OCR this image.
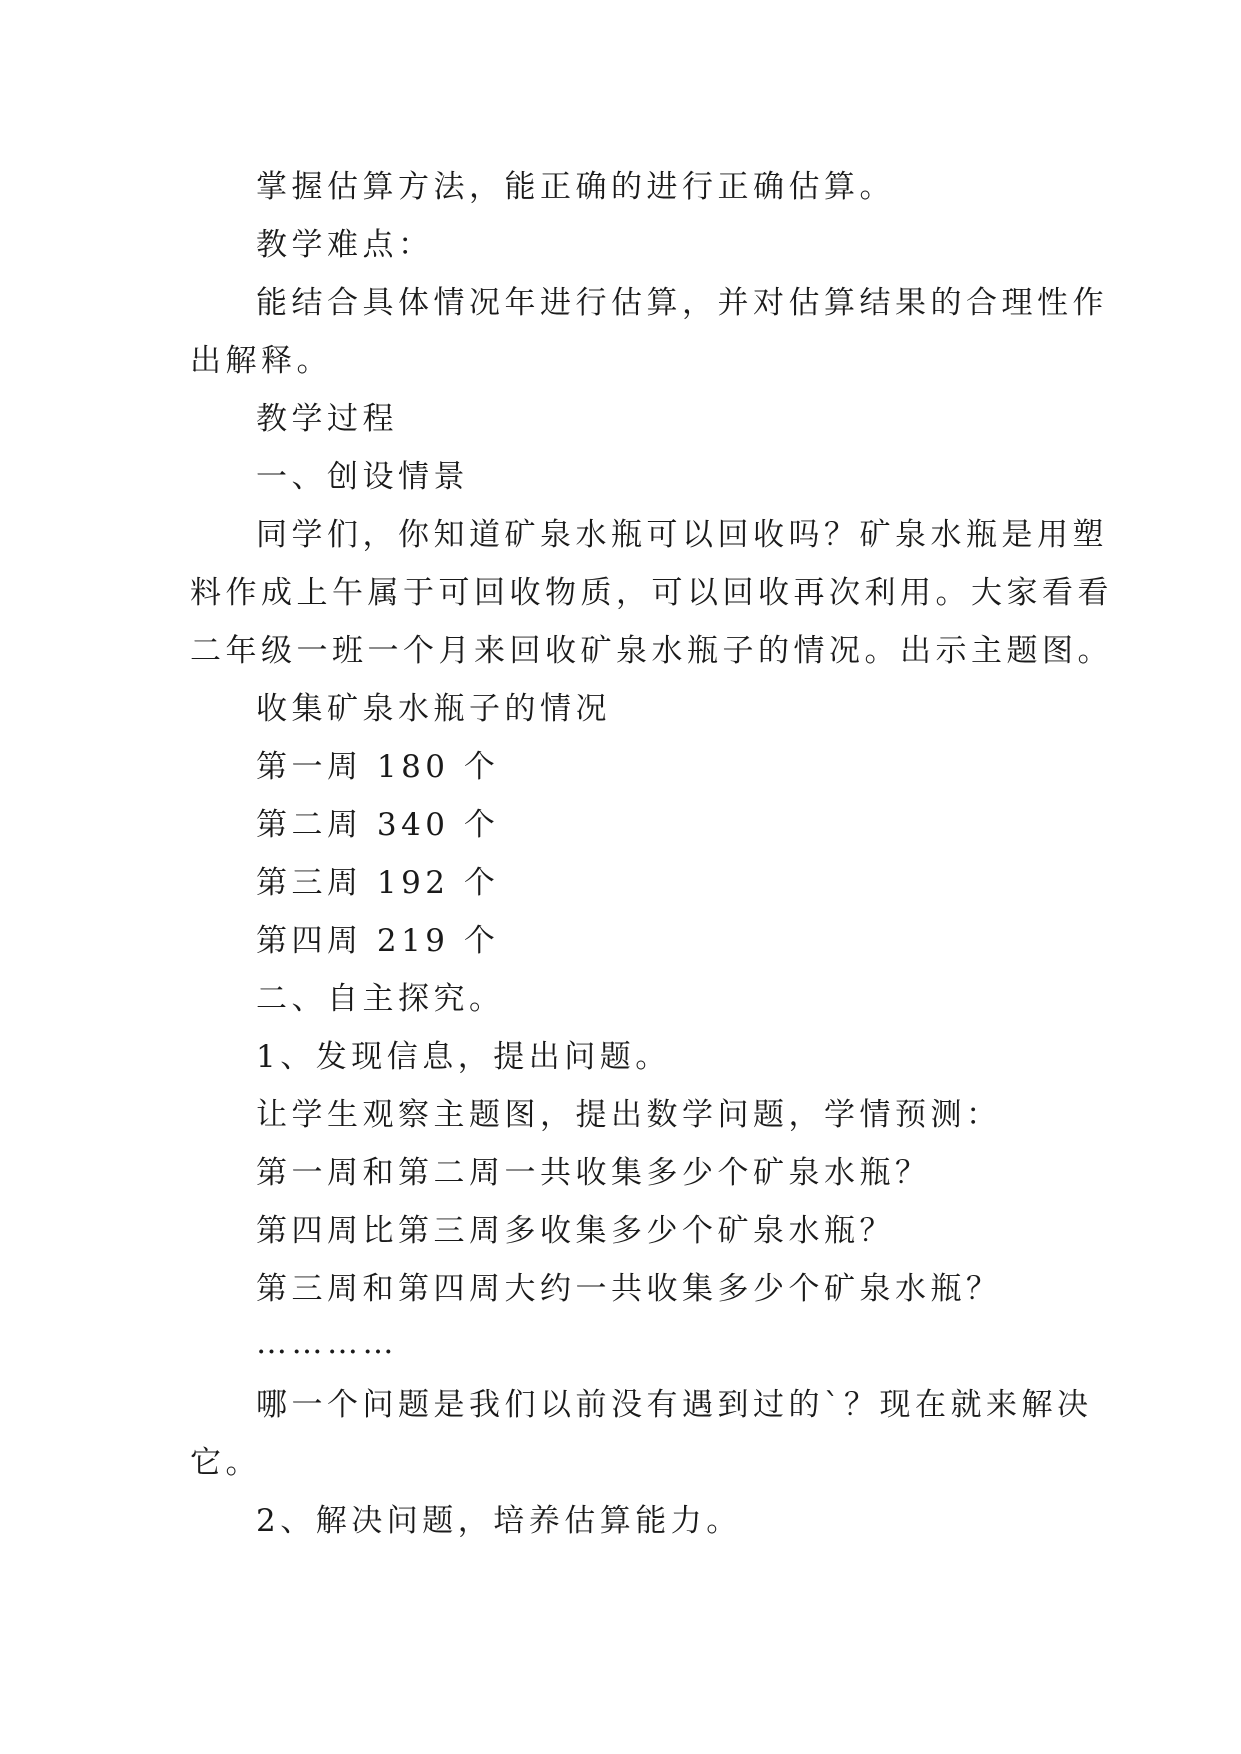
掌握估算方法，能正确的进行正确估算。
教学难点：
能结合具体情况年进行估算，并对估算结果的合理性作
出解释。
教学过程
一、创设情景
同学们，你知道矿泉水瓶可以回收吗？矿泉水瓶是用塑
料作成上午属于可回收物质，可以回收再次利用。大家看看
二年级一班一个月来回收矿泉水瓶子的情况。出示主题图。
收集矿泉水瓶子的情况
第一周 180 个
第二周 340 个
第三周 192 个
第四周 219 个
二、自主探究。
1、发现信息，提出问题。
让学生观察主题图，提出数学问题，学情预测：
第一周和第二周一共收集多少个矿泉水瓶？
第四周比第三周多收集多少个矿泉水瓶？
第三周和第四周大约一共收集多少个矿泉水瓶？
…………
哪一个问题是我们以前没有遇到过的`？现在就来解决
它。
2、解决问题，培养估算能力。
